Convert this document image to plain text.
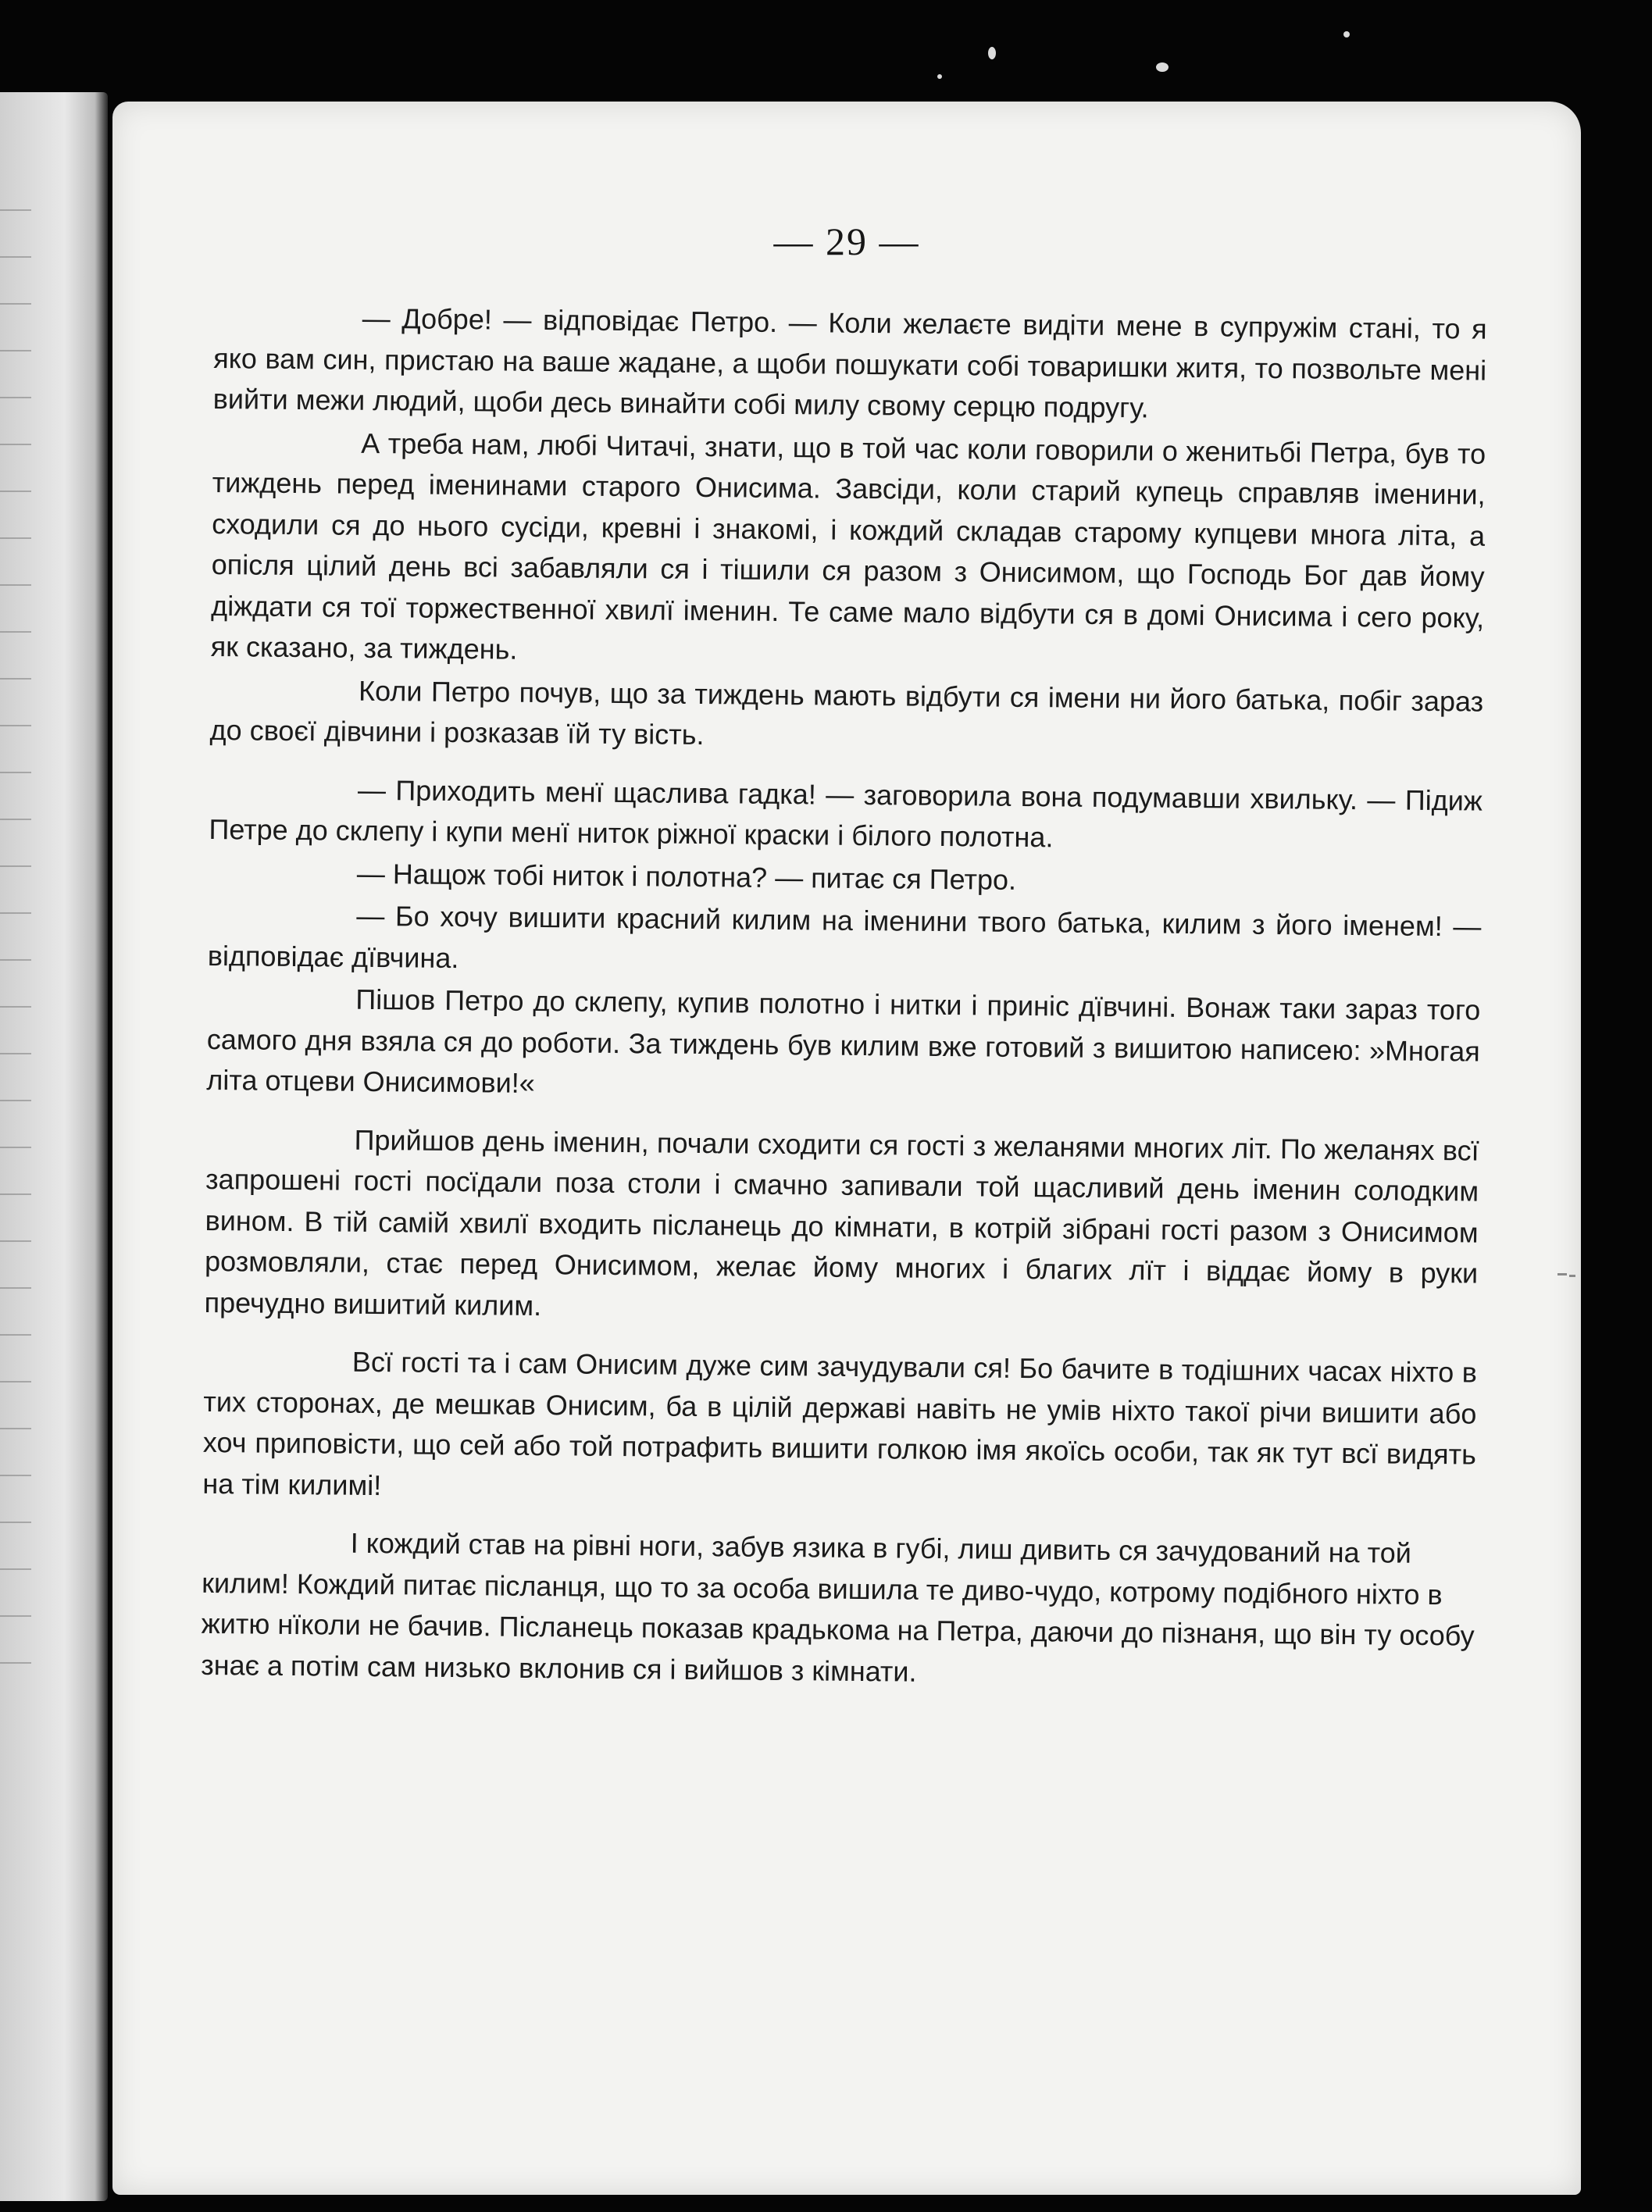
— 29 —

— Добре! — відповідає Петро. — Коли желаєте видіти мене в супружім стані, то я яко вам син, пристаю на ваше жадане, а щоби пошукати собі товаришки житя, то позвольте мені вийти межи людий, щоби десь винайти собі милу свому серцю подругу.

А треба нам, любі Читачі, знати, що в той час коли говорили о женитьбі Петра, був то тиждень перед іменинами старого Онисима. Завсіди, коли старий купець справляв іменини, сходили ся до нього сусіди, кревні і знакомі, і кождий складав старому купцеви многа літа, а опісля цілий день всі забавляли ся і тішили ся разом з Онисимом, що Господь Бог дав йому діждати ся тої торжественної хвилї іменин. Те саме мало відбути ся в домі Онисима і сего року, як сказано, за тиждень.

Коли Петро почув, що за тиждень мають відбути ся імени ни його батька, побіг зараз до своєї дівчини і розказав їй ту вість.

— Приходить менї щаслива гадка! — заговорила вона подумавши хвильку. — Підиж Петре до склепу і купи менї ниток ріжної краски і білого полотна.

— Нащож тобі ниток і полотна? — питає ся Петро.

— Бо хочу вишити красний килим на іменини твого батька, килим з його іменем! — відповідає дївчина.

Пішов Петро до склепу, купив полотно і нитки і приніс дївчині. Вонаж таки зараз того самого дня взяла ся до роботи. За тиждень був килим вже готовий з вишитою написею: »Многая літа отцеви Онисимови!«

Прийшов день іменин, почали сходити ся гості з желанями многих літ. По желанях всї запрошені гості посїдали поза столи і смачно запивали той щасливий день іменин солодким вином. В тій самій хвилї входить післанець до кімнати, в котрій зібрані гості разом з Онисимом розмовляли, стає перед Онисимом, желає йому многих і благих лїт і віддає йому в руки пречудно вишитий килим.

Всї гості та і сам Онисим дуже сим зачудували ся! Бо бачите в тодішних часах ніхто в тих сторонах, де мешкав Онисим, ба в цілій державі навіть не умів ніхто такої річи вишити або хоч приповісти, що сей або той потрафить вишити голкою імя якоїсь особи, так як тут всї видять на тім килимі!

І кождий став на рівні ноги, забув язика в губі, лиш дивить ся зачудований на той килим! Кождий питає післанця, що то за особа вишила те диво-чудо, котрому подібного ніхто в житю нїколи не бачив. Післанець показав крадькома на Петра, даючи до пізнаня, що він ту особу знає а потім сам низько вклонив ся і вийшов з кімнати.
